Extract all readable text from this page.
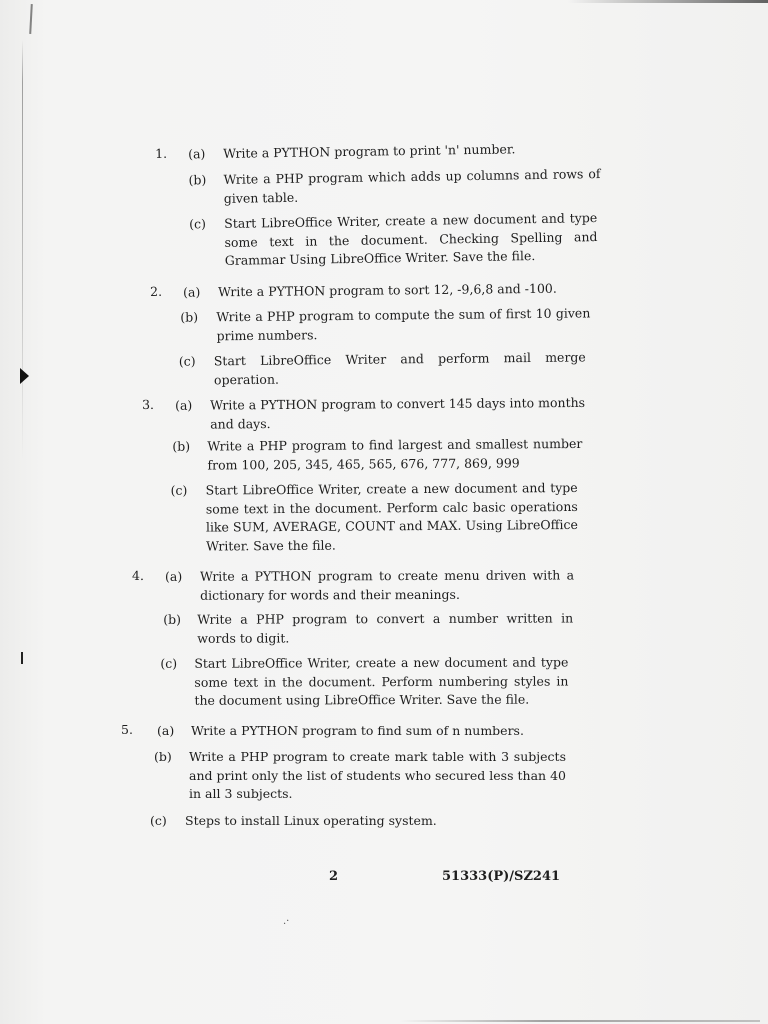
.·
1. (a) Write a PYTHON program to print 'n' number.
(b) Write a PHP program which adds up columns and rows of given table.
(c) Start LibreOffice Writer, create a new document and type some text in the document. Checking Spelling and Grammar Using LibreOffice Writer. Save the file.
2. (a) Write a PYTHON program to sort 12, -9,6,8 and -100.
(b) Write a PHP program to compute the sum of first 10 given prime numbers.
(c) Start LibreOffice Writer and perform mail merge operation.
3. (a) Write a PYTHON program to convert 145 days into months and days.
(b) Write a PHP program to find largest and smallest number from 100, 205, 345, 465, 565, 676, 777, 869, 999
(c) Start LibreOffice Writer, create a new document and type some text in the document. Perform calc basic operations like SUM, AVERAGE, COUNT and MAX. Using LibreOffice Writer. Save the file.
4. (a) Write a PYTHON program to create menu driven with a dictionary for words and their meanings.
(b) Write a PHP program to convert a number written in words to digit.
(c) Start LibreOffice Writer, create a new document and type some text in the document. Perform numbering styles in the document using LibreOffice Writer. Save the file.
5. (a) Write a PYTHON program to find sum of n numbers.
(b) Write a PHP program to create mark table with 3 subjects and print only the list of students who secured less than 40 in all 3 subjects.
(c) Steps to install Linux operating system.
2	51333(P)/SZ241
